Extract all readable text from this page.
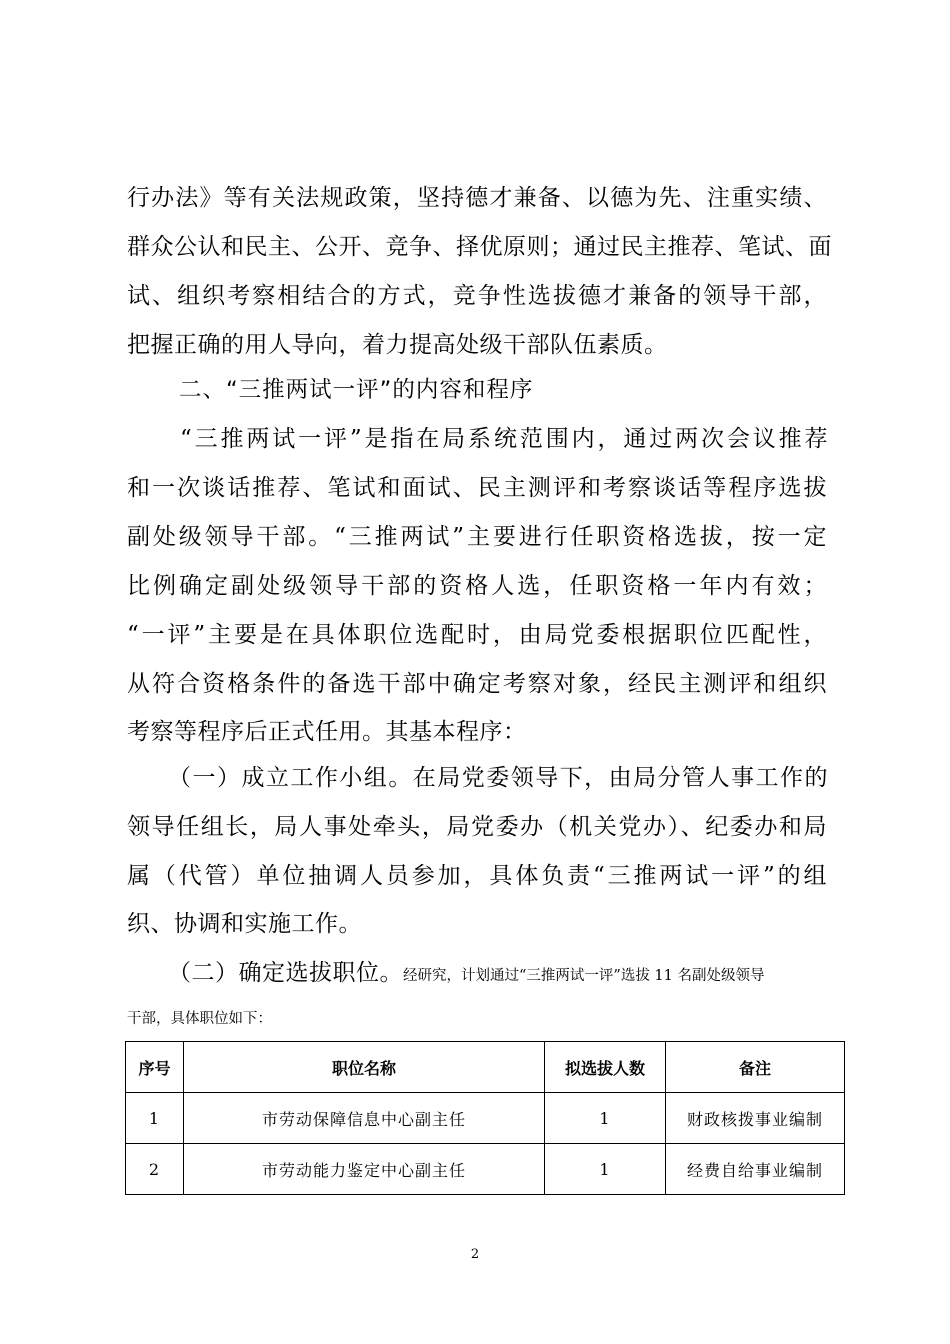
行办法》等有关法规政策，坚持德才兼备、以德为先、注重实绩、
群众公认和民主、公开、竞争、择优原则；通过民主推荐、笔试、面
试、组织考察相结合的方式，竞争性选拔德才兼备的领导干部，
把握正确的用人导向，着力提高处级干部队伍素质。
二、“三推两试一评”的内容和程序
“三推两试一评”是指在局系统范围内，通过两次会议推荐
和一次谈话推荐、笔试和面试、民主测评和考察谈话等程序选拔
副处级领导干部。“三推两试”主要进行任职资格选拔，按一定
比例确定副处级领导干部的资格人选，任职资格一年内有效；
“一评”主要是在具体职位选配时，由局党委根据职位匹配性，
从符合资格条件的备选干部中确定考察对象，经民主测评和组织
考察等程序后正式任用。其基本程序：
（一）成立工作小组。在局党委领导下，由局分管人事工作的
领导任组长，局人事处牵头，局党委办（机关党办）、纪委办和局
属（代管）单位抽调人员参加，具体负责“三推两试一评”的组
织、协调和实施工作。
（二）确定选拔职位。经研究，计划通过“三推两试一评”选拔 11 名副处级领导
干部，具体职位如下：
序号	职位名称	拟选拔人数	备注
1	市劳动保障信息中心副主任	1	财政核拨事业编制
2	市劳动能力鉴定中心副主任	1	经费自给事业编制
2
